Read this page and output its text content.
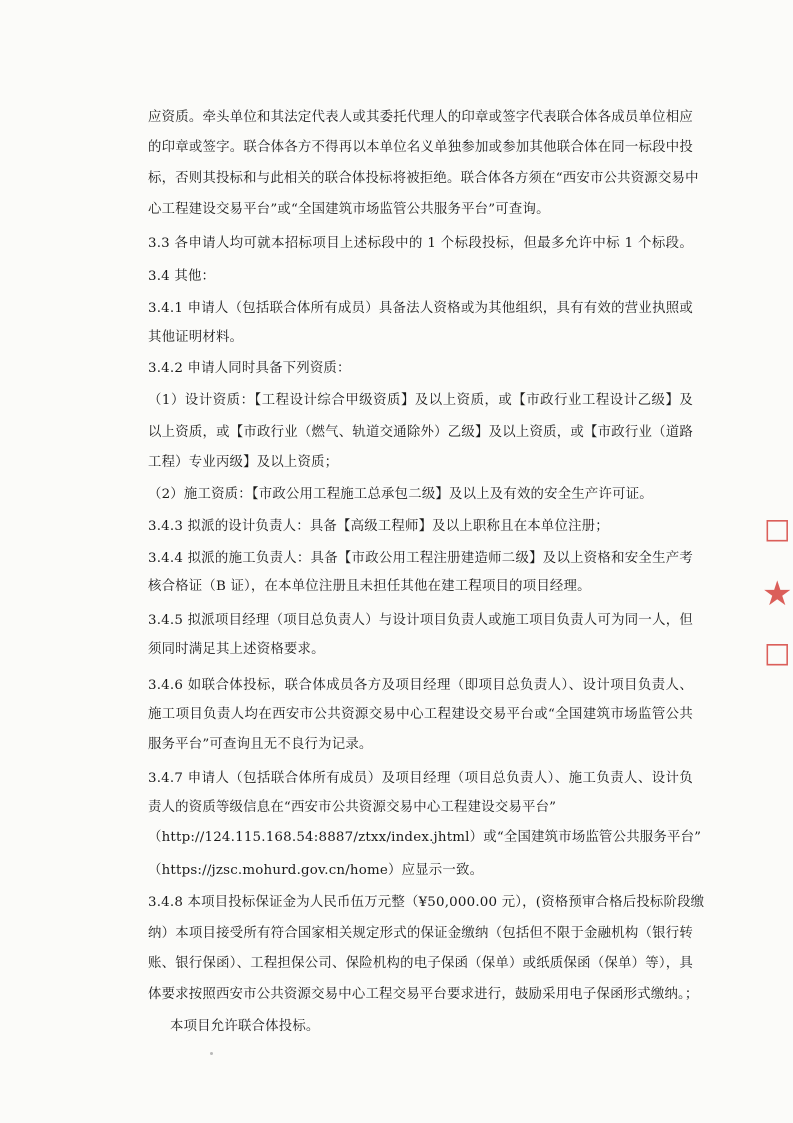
应资质。牵头单位和其法定代表人或其委托代理人的印章或签字代表联合体各成员单位相应
的印章或签字。联合体各方不得再以本单位名义单独参加或参加其他联合体在同一标段中投
标，否则其投标和与此相关的联合体投标将被拒绝。联合体各方须在“西安市公共资源交易中
心工程建设交易平台”或“全国建筑市场监管公共服务平台”可查询。
3.3 各申请人均可就本招标项目上述标段中的 1 个标段投标，但最多允许中标 1 个标段。
3.4 其他：
3.4.1 申请人（包括联合体所有成员）具备法人资格或为其他组织，具有有效的营业执照或
其他证明材料。
3.4.2 申请人同时具备下列资质：
（1）设计资质：【工程设计综合甲级资质】及以上资质，或【市政行业工程设计乙级】及
以上资质，或【市政行业（燃气、轨道交通除外）乙级】及以上资质，或【市政行业（道路
工程）专业丙级】及以上资质；
（2）施工资质：【市政公用工程施工总承包二级】及以上及有效的安全生产许可证。
3.4.3 拟派的设计负责人：具备【高级工程师】及以上职称且在本单位注册；
3.4.4 拟派的施工负责人：具备【市政公用工程注册建造师二级】及以上资格和安全生产考
核合格证（B 证），在本单位注册且未担任其他在建工程项目的项目经理。
3.4.5 拟派项目经理（项目总负责人）与设计项目负责人或施工项目负责人可为同一人，但
须同时满足其上述资格要求。
3.4.6 如联合体投标，联合体成员各方及项目经理（即项目总负责人）、设计项目负责人、
施工项目负责人均在西安市公共资源交易中心工程建设交易平台或“全国建筑市场监管公共
服务平台”可查询且无不良行为记录。
3.4.7 申请人（包括联合体所有成员）及项目经理（项目总负责人）、施工负责人、设计负
责人的资质等级信息在“西安市公共资源交易中心工程建设交易平台”
（http://124.115.168.54:8887/ztxx/index.jhtml）或“全国建筑市场监管公共服务平台”
（https://jzsc.mohurd.gov.cn/home）应显示一致。
3.4.8 本项目投标保证金为人民币伍万元整（¥50,000.00 元），(资格预审合格后投标阶段缴
纳）本项目接受所有符合国家相关规定形式的保证金缴纳（包括但不限于金融机构（银行转
账、银行保函）、工程担保公司、保险机构的电子保函（保单）或纸质保函（保单）等），具
体要求按照西安市公共资源交易中心工程交易平台要求进行，鼓励采用电子保函形式缴纳。；
本项目允许联合体投标。
□
★
□
